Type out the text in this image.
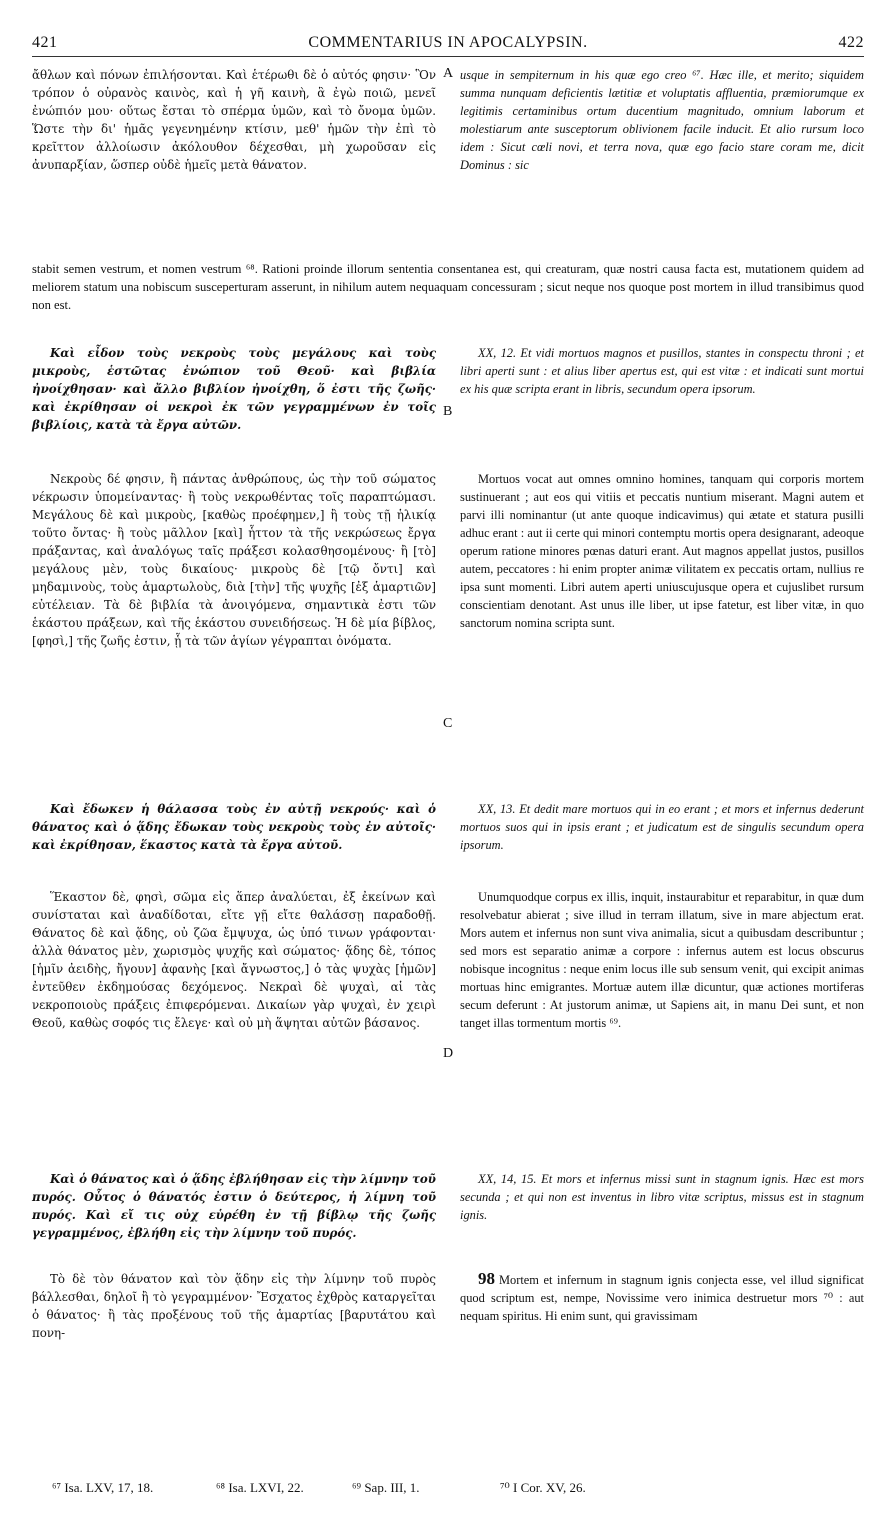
421	COMMENTARIUS IN APOCALYPSIN.	422

ἄθλων καὶ πόνων ἐπιλήσονται. Καὶ ἑτέρωθι δὲ ὁ αὐτός φησιν· Ὃν τρόπον ὁ οὐρανὸς καινὸς, καὶ ἡ γῆ καινὴ, ἃ ἐγὼ ποιῶ, μενεῖ ἐνώπιόν μου· οὕτως ἔσται τὸ σπέρμα ὑμῶν, καὶ τὸ ὄνομα ὑμῶν. Ὥστε τὴν δι' ἡμᾶς γεγενημένην κτίσιν, μεθ' ἡμῶν τὴν ἐπὶ τὸ κρεῖττον ἀλλοίωσιν ἀκόλουθον δέχεσθαι, μὴ χωροῦσαν εἰς ἀνυπαρξίαν, ὥσπερ οὐδὲ ἡμεῖς μετὰ θάνατον.

usque in sempiternum in his quæ ego creo ⁶⁷. Hæc ille, et merito; siquidem summa nunquam deficientis lætitiæ et voluptatis affluentia, præmiorumque ex legitimis certaminibus ortum ducentium magnitudo, omnium laborum et molestiarum ante susceptorum oblivionem facile inducit. Et alio rursum loco idem : Sicut cœli novi, et terra nova, quæ ego facio stare coram me, dicit Dominus : sic

stabit semen vestrum, et nomen vestrum ⁶⁸. Rationi proinde illorum sententia consentanea est, qui creaturam, quæ nostri causa facta est, mutationem quidem ad meliorem statum una nobiscum susceperturam asserunt, in nihilum autem nequaquam concessuram ; sicut neque nos quoque post mortem in illud transibimus quod non est.

Καὶ εἶδον τοὺς νεκροὺς τοὺς μεγάλους καὶ τοὺς μικροὺς, ἑστῶτας ἐνώπιον τοῦ Θεοῦ· καὶ βιβλία ἠνοίχθησαν· καὶ ἄλλο βιβλίον ἠνοίχθη, ὅ ἐστι τῆς ζωῆς· καὶ ἐκρίθησαν οἱ νεκροὶ ἐκ τῶν γεγραμμένων ἐν τοῖς βιβλίοις, κατὰ τὰ ἔργα αὐτῶν.

XX, 12. Et vidi mortuos magnos et pusillos, stantes in conspectu throni ; et libri aperti sunt : et alius liber apertus est, qui est vitæ : et indicati sunt mortui ex his quæ scripta erant in libris, secundum opera ipsorum.

Νεκροὺς δέ φησιν, ἢ πάντας ἀνθρώπους, ὡς τὴν τοῦ σώματος νέκρωσιν ὑπομείναντας· ἢ τοὺς νεκρωθέντας τοῖς παραπτώμασι. Μεγάλους δὲ καὶ μικροὺς, [καθὼς προέφημεν,] ἢ τοὺς τῇ ἡλικίᾳ τοῦτο ὄντας· ἢ τοὺς μᾶλλον [καὶ] ἧττον τὰ τῆς νεκρώσεως ἔργα πράξαντας, καὶ ἀναλόγως ταῖς πράξεσι κολασθησομένους· ἢ [τὸ] μεγάλους μὲν, τοὺς δικαίους· μικροὺς δὲ [τῷ ὄντι] καὶ μηδαμινοὺς, τοὺς ἁμαρτωλοὺς, διὰ [τὴν] τῆς ψυχῆς [ἐξ ἁμαρτιῶν] εὐτέλειαν. Τὰ δὲ βιβλία τὰ ἀνοιγόμενα, σημαντικὰ ἐστι τῶν ἑκάστου πράξεων, καὶ τῆς ἑκάστου συνειδήσεως. Ἡ δὲ μία βίβλος, [φησὶ,] τῆς ζωῆς ἐστιν, ᾗ τὰ τῶν ἁγίων γέγραπται ὀνόματα.

Mortuos vocat aut omnes omnino homines, tanquam qui corporis mortem sustinuerant ; aut eos qui vitiis et peccatis nuntium miserant. Magni autem et parvi illi nominantur (ut ante quoque indicavimus) qui ætate et statura pusilli adhuc erant : aut ii certe qui minori contemptu mortis opera designarant, adeoque operum ratione minores pœnas daturi erant. Aut magnos appellat justos, pusillos autem, peccatores : hi enim propter animæ vilitatem ex peccatis ortam, nullius re ipsa sunt momenti. Libri autem aperti uniuscujusque opera et cujuslibet rursum conscientiam denotant. Ast unus ille liber, ut ipse fatetur, est liber vitæ, in quo sanctorum nomina scripta sunt.

Καὶ ἔδωκεν ἡ θάλασσα τοὺς ἐν αὐτῇ νεκρούς· καὶ ὁ θάνατος καὶ ὁ ᾅδης ἔδωκαν τοὺς νεκροὺς τοὺς ἐν αὐτοῖς· καὶ ἐκρίθησαν, ἕκαστος κατὰ τὰ ἔργα αὐτοῦ.

XX, 13. Et dedit mare mortuos qui in eo erant ; et mors et infernus dederunt mortuos suos qui in ipsis erant ; et judicatum est de singulis secundum opera ipsorum.

Ἕκαστον δὲ, φησὶ, σῶμα εἰς ἅπερ ἀναλύεται, ἐξ ἐκείνων καὶ συνίσταται καὶ ἀναδίδοται, εἴτε γῇ εἴτε θαλάσσῃ παραδοθῇ. Θάνατος δὲ καὶ ᾅδης, οὐ ζῶα ἔμψυχα, ὡς ὑπό τινων γράφονται· ἀλλὰ θάνατος μὲν, χωρισμὸς ψυχῆς καὶ σώματος· ᾅδης δὲ, τόπος [ἡμῖν ἀειδὴς, ἤγουν] ἀφανὴς [καὶ ἄγνωστος,] ὁ τὰς ψυχὰς [ἡμῶν] ἐντεῦθεν ἐκδημούσας δεχόμενος. Νεκραὶ δὲ ψυχαὶ, αἱ τὰς νεκροποιοὺς πράξεις ἐπιφερόμεναι. Δικαίων γὰρ ψυχαὶ, ἐν χειρὶ Θεοῦ, καθὼς σοφός τις ἔλεγε· καὶ οὐ μὴ ἅψηται αὐτῶν βάσανος.

Unumquodque corpus ex illis, inquit, instaurabitur et reparabitur, in quæ dum resolvebatur abierat ; sive illud in terram illatum, sive in mare abjectum erat. Mors autem et infernus non sunt viva animalia, sicut a quibusdam describuntur ; sed mors est separatio animæ a corpore : infernus autem est locus obscurus nobisque incognitus : neque enim locus ille sub sensum venit, qui excipit animas mortuas hinc emigrantes. Mortuæ autem illæ dicuntur, quæ actiones mortiferas secum deferunt : At justorum animæ, ut Sapiens ait, in manu Dei sunt, et non tanget illas tormentum mortis ⁶⁹.

Καὶ ὁ θάνατος καὶ ὁ ᾅδης ἐβλήθησαν εἰς τὴν λίμνην τοῦ πυρός. Οὗτος ὁ θάνατός ἐστιν ὁ δεύτερος, ἡ λίμνη τοῦ πυρός. Καὶ εἴ τις οὐχ εὑρέθη ἐν τῇ βίβλῳ τῆς ζωῆς γεγραμμένος, ἐβλήθη εἰς τὴν λίμνην τοῦ πυρός.

XX, 14, 15. Et mors et infernus missi sunt in stagnum ignis. Hæc est mors secunda ; et qui non est inventus in libro vitæ scriptus, missus est in stagnum ignis.

Τὸ δὲ τὸν θάνατον καὶ τὸν ᾅδην εἰς τὴν λίμνην τοῦ πυρὸς βάλλεσθαι, δηλοῖ ἢ τὸ γεγραμμένον· Ἔσχατος ἐχθρὸς καταργεῖται ὁ θάνατος· ἢ τὰς προξένους τοῦ τῆς ἁμαρτίας [βαρυτάτου καὶ πονη-

98 Mortem et infernum in stagnum ignis conjecta esse, vel illud significat quod scriptum est, nempe, Novissime vero inimica destruetur mors ⁷⁰ : aut nequam spiritus. Hi enim sunt, qui gravissimam

A
B
C
D
⁶⁷ Isa. LXV, 17, 18.	⁶⁸ Isa. LXVI, 22.	⁶⁹ Sap. III, 1.	⁷⁰ I Cor. XV, 26.
